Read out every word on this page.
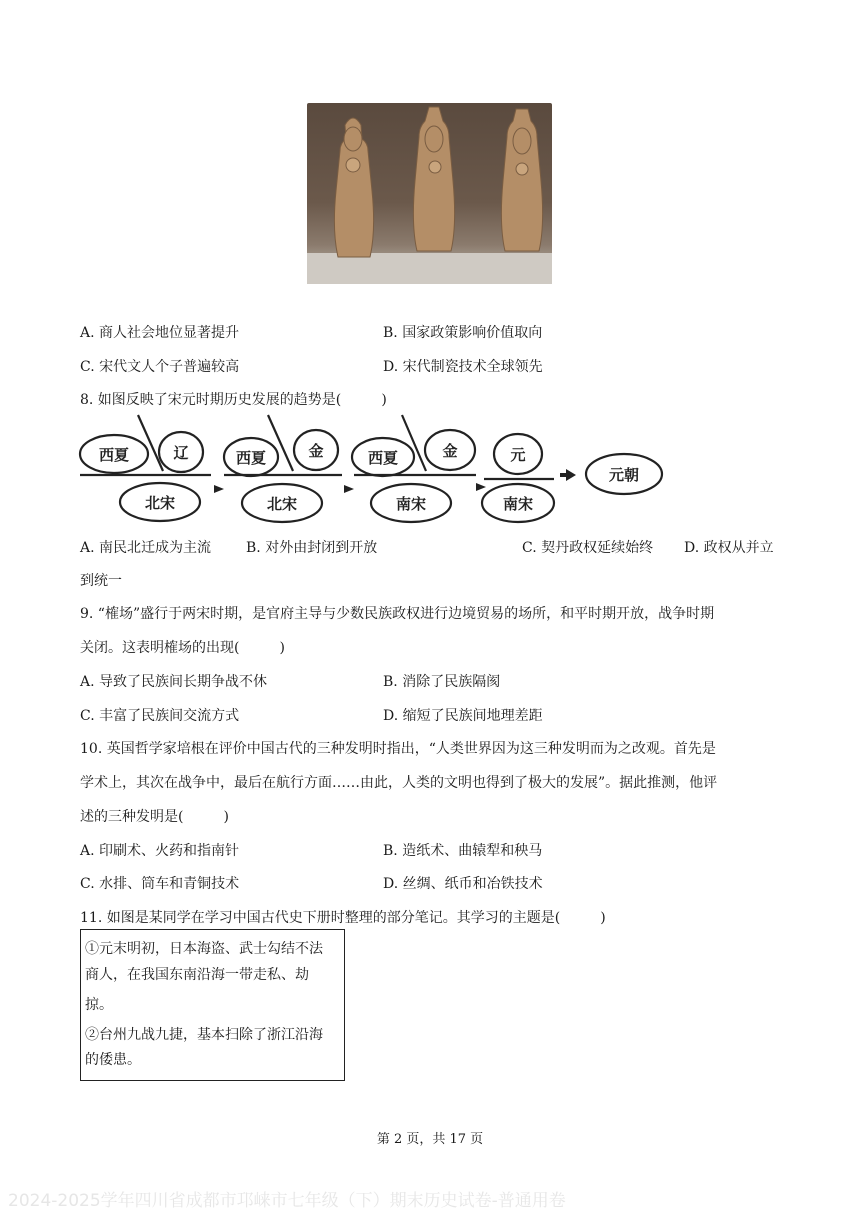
A. 商人社会地位显著提升	B. 国家政策影响价值取向
C. 宋代文人个子普遍较高	D. 宋代制瓷技术全球领先
8. 如图反映了宋元时期历史发展的趋势是(         )
西夏	辽
北宋
西夏	金
北宋
西夏	金
南宋
元
南宋
元朝
A. 南民北迁成为主流 B. 对外由封闭到开放	C. 契丹政权延续始终 D. 政权从并立
到统一
9. “榷场”盛行于两宋时期，是官府主导与少数民族政权进行边境贸易的场所，和平时期开放，战争时期
关闭。这表明榷场的出现(         )
A. 导致了民族间长期争战不休	B. 消除了民族隔阂
C. 丰富了民族间交流方式	D. 缩短了民族间地理差距
10. 英国哲学家培根在评价中国古代的三种发明时指出，“人类世界因为这三种发明而为之改观。首先是
学术上，其次在战争中，最后在航行方面……由此，人类的文明也得到了极大的发展”。据此推测，他评
述的三种发明是(         )
A. 印刷术、火药和指南针	B. 造纸术、曲辕犁和秧马
C. 水排、筒车和青铜技术	D. 丝绸、纸币和冶铁技术
11. 如图是某同学在学习中国古代史下册时整理的部分笔记。其学习的主题是(         )
①元末明初，日本海盗、武士勾结不法
商人，在我国东南沿海一带走私、劫
掠。
②台州九战九捷，基本扫除了浙江沿海
的倭患。
第 2 页，共 17 页
2024-2025学年四川省成都市邛崃市七年级（下）期末历史试卷-普通用卷
